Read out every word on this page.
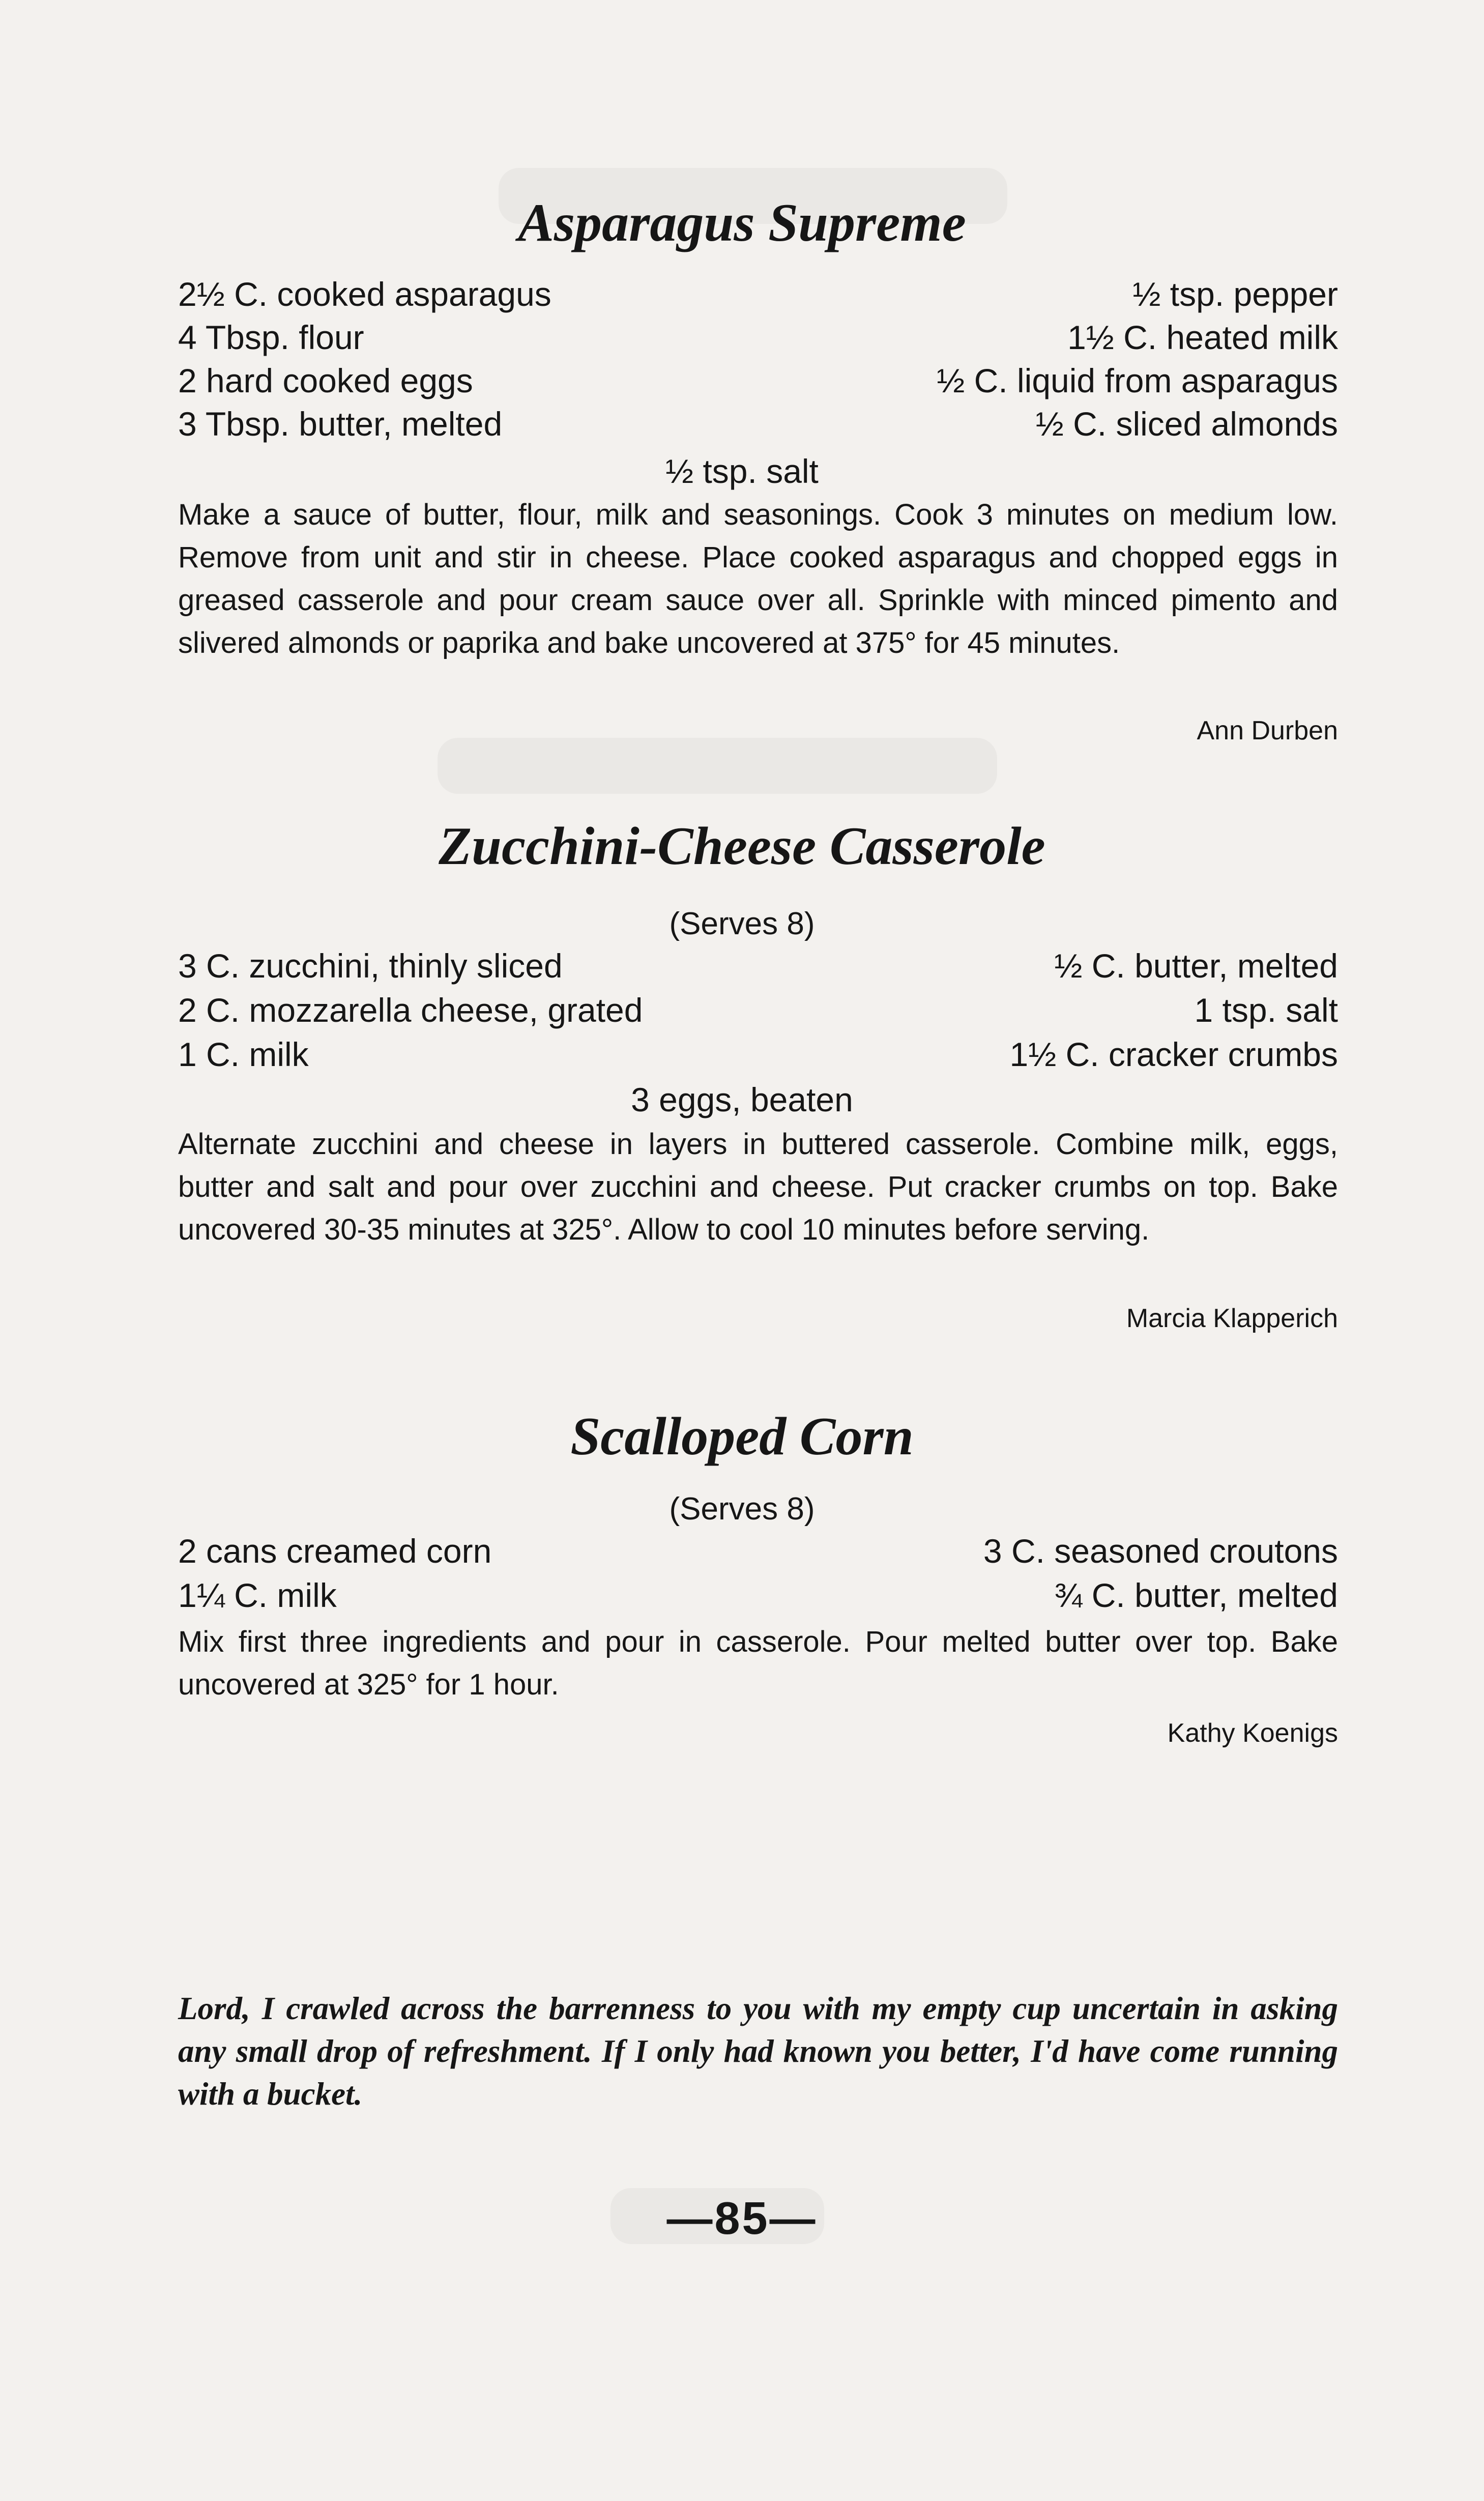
Asparagus Supreme
2½ C. cooked asparagus	½ tsp. pepper
4 Tbsp. flour	1½ C. heated milk
2 hard cooked eggs	½ C. liquid from asparagus
3 Tbsp. butter, melted	½ C. sliced almonds
½ tsp. salt

Make a sauce of butter, flour, milk and seasonings. Cook 3 minutes on medium low. Remove from unit and stir in cheese. Place cooked asparagus and chopped eggs in greased casserole and pour cream sauce over all. Sprinkle with minced pimento and slivered almonds or paprika and bake uncovered at 375° for 45 minutes.

Ann Durben
Zucchini-Cheese Casserole
(Serves 8)
3 C. zucchini, thinly sliced	½ C. butter, melted
2 C. mozzarella cheese, grated	1 tsp. salt
1 C. milk	1½ C. cracker crumbs
3 eggs, beaten

Alternate zucchini and cheese in layers in buttered casserole. Combine milk, eggs, butter and salt and pour over zucchini and cheese. Put cracker crumbs on top. Bake uncovered 30-35 minutes at 325°. Allow to cool 10 minutes before serving.

Marcia Klapperich
Scalloped Corn
(Serves 8)
2 cans creamed corn	3 C. seasoned croutons
1¼ C. milk	¾ C. butter, melted

Mix first three ingredients and pour in casserole. Pour melted butter over top. Bake uncovered at 325° for 1 hour.

Kathy Koenigs

Lord, I crawled across the barrenness to you with my empty cup uncertain in asking any small drop of refreshment. If I only had known you better, I'd have come running with a bucket.

—85—
